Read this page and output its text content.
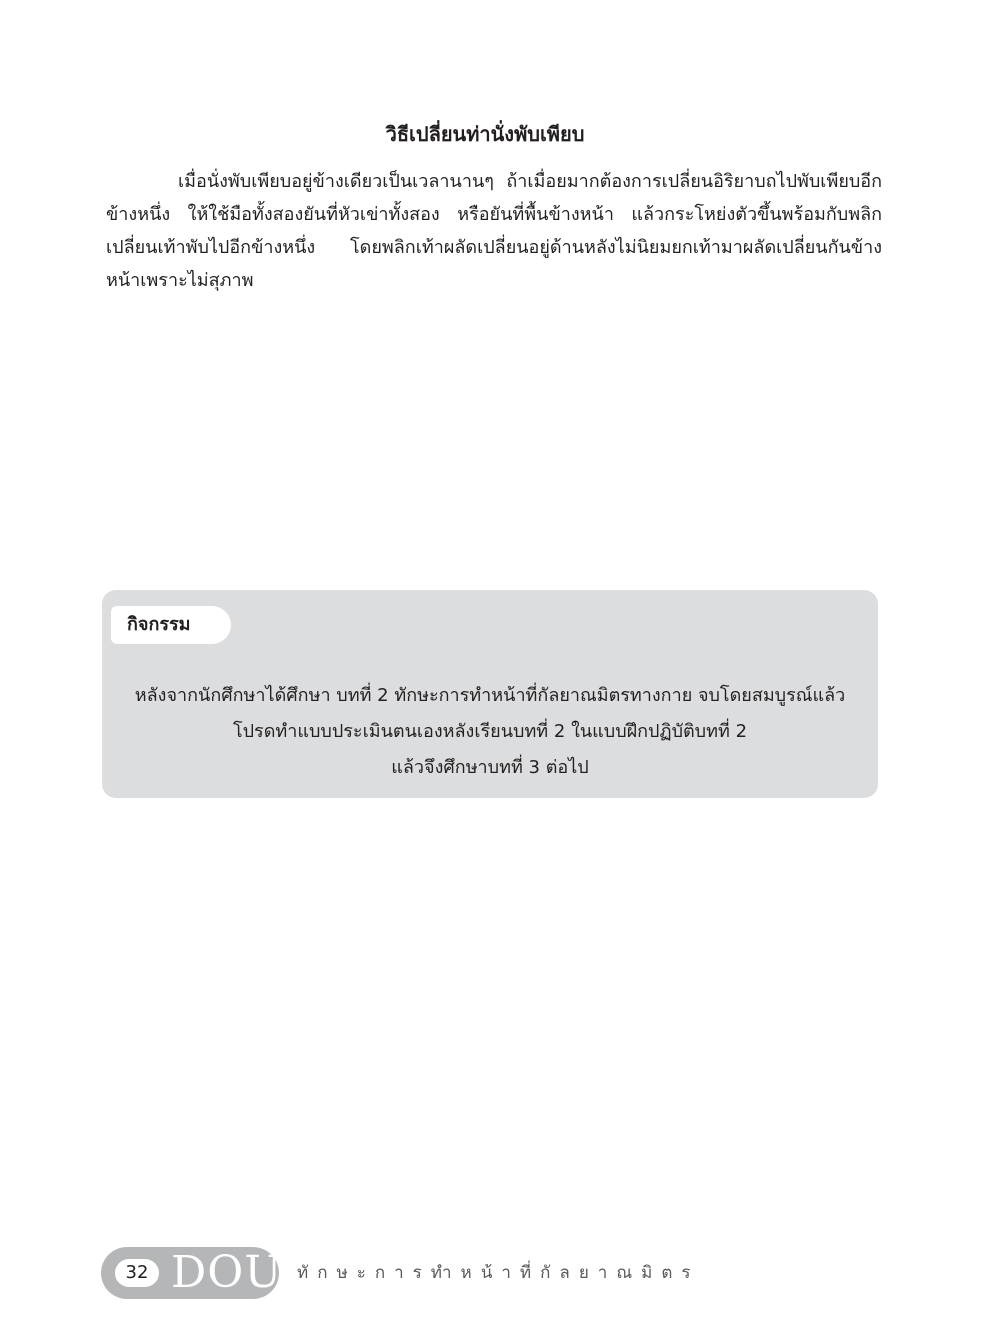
วิธีเปลี่ยนท่านั่งพับเพียบ

เมื่อนั่งพับเพียบอยู่ข้างเดียวเป็นเวลานานๆ ถ้าเมื่อยมากต้องการเปลี่ยนอิริยาบถไปพับเพียบอีกข้างหนึ่ง ให้ใช้มือทั้งสองยันที่หัวเข่าทั้งสอง หรือยันที่พื้นข้างหน้า แล้วกระโหย่งตัวขึ้นพร้อมกับพลิกเปลี่ยนเท้าพับไปอีกข้างหนึ่ง โดยพลิกเท้าผลัดเปลี่ยนอยู่ด้านหลังไม่นิยมยกเท้ามาผลัดเปลี่ยนกันข้างหน้าเพราะไม่สุภาพ

กิจกรรม
หลังจากนักศึกษาได้ศึกษา บทที่ 2 ทักษะการทำหน้าที่กัลยาณมิตรทางกาย จบโดยสมบูรณ์แล้ว
โปรดทำแบบประเมินตนเองหลังเรียนบทที่ 2 ในแบบฝึกปฏิบัติบทที่ 2
แล้วจึงศึกษาบทที่ 3 ต่อไป
32 DOU ทักษะการทำหน้าที่กัลยาณมิตร
